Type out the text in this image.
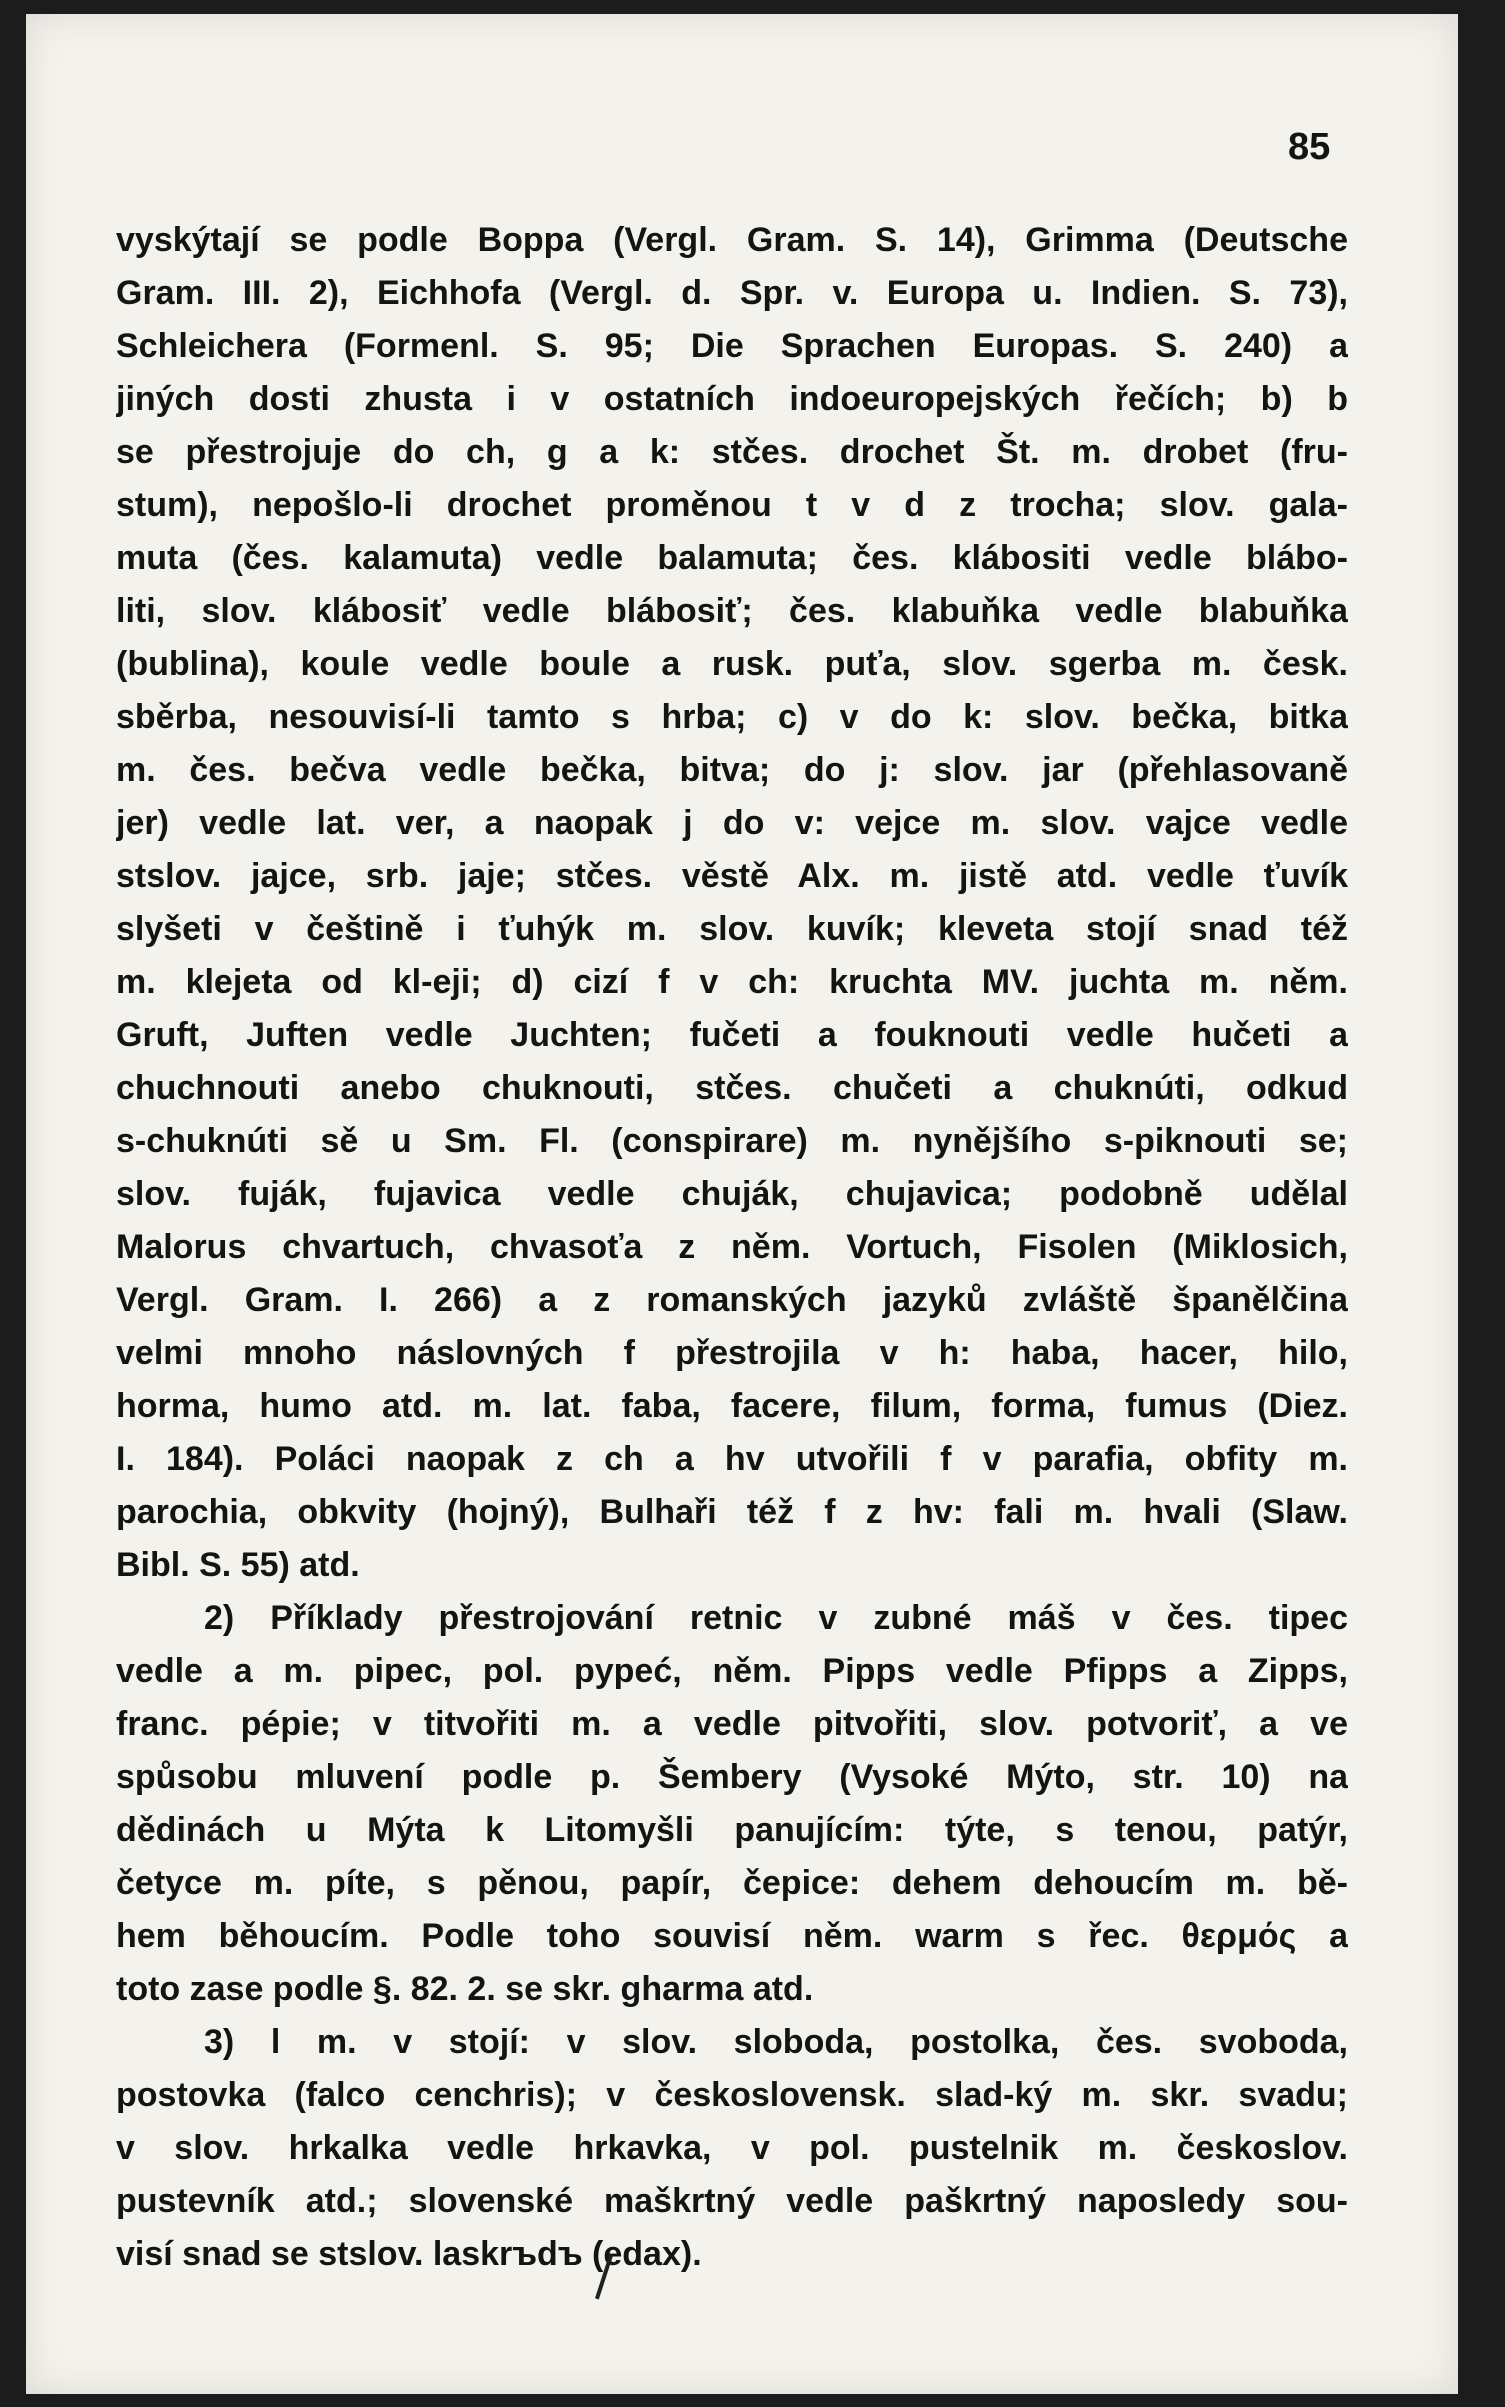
85
vyskýtají se podle Boppa (Vergl. Gram. S. 14), Grimma (Deutsche
Gram. III. 2), Eichhofa (Vergl. d. Spr. v. Europa u. Indien. S. 73),
Schleichera (Formenl. S. 95; Die Sprachen Europas. S. 240) a
jiných dosti zhusta i v ostatních indoeuropejských řečích; b) b
se přestrojuje do ch, g a k: stčes. drochet Št. m. drobet (fru-
stum), nepošlo-li drochet proměnou t v d z trocha; slov. gala-
muta (čes. kalamuta) vedle balamuta; čes. klábositi vedle blábo-
liti, slov. klábosiť vedle blábosiť; čes. klabuňka vedle blabuňka
(bublina), koule vedle boule a rusk. puťa, slov. sgerba m. česk.
sběrba, nesouvisí-li tamto s hrba; c) v do k: slov. bečka, bitka
m. čes. bečva vedle bečka, bitva; do j: slov. jar (přehlasovaně
jer) vedle lat. ver, a naopak j do v: vejce m. slov. vajce vedle
stslov. jajce, srb. jaje; stčes. věstě Alx. m. jistě atd. vedle ťuvík
slyšeti v češtině i ťuhýk m. slov. kuvík; kleveta stojí snad též
m. klejeta od kl-eji; d) cizí f v ch: kruchta MV. juchta m. něm.
Gruft, Juften vedle Juchten; fučeti a fouknouti vedle hučeti a
chuchnouti anebo chuknouti, stčes. chučeti a chuknúti, odkud
s-chuknúti sě u Sm. Fl. (conspirare) m. nynějšího s-piknouti se;
slov. fuják, fujavica vedle chuják, chujavica; podobně udělal
Malorus chvartuch, chvasoťa z něm. Vortuch, Fisolen (Miklosich,
Vergl. Gram. I. 266) a z romanských jazyků zvláště španělčina
velmi mnoho náslovných f přestrojila v h: haba, hacer, hilo,
horma, humo atd. m. lat. faba, facere, filum, forma, fumus (Diez.
I. 184). Poláci naopak z ch a hv utvořili f v parafia, obfity m.
parochia, obkvity (hojný), Bulhaři též f z hv: fali m. hvali (Slaw.
Bibl. S. 55) atd.
2) Příklady přestrojování retnic v zubné máš v čes. tipec
vedle a m. pipec, pol. pypeć, něm. Pipps vedle Pfipps a Zipps,
franc. pépie; v titvořiti m. a vedle pitvořiti, slov. potvoriť, a ve
spůsobu mluvení podle p. Šembery (Vysoké Mýto, str. 10) na
dědinách u Mýta k Litomyšli panujícím: týte, s tenou, patýr,
četyce m. píte, s pěnou, papír, čepice: dehem dehoucím m. bě-
hem běhoucím. Podle toho souvisí něm. warm s řec. θερμός a
toto zase podle §. 82. 2. se skr. gharma atd.
3) l m. v stojí: v slov. sloboda, postolka, čes. svoboda,
postovka (falco cenchris); v československ. slad-ký m. skr. svadu;
v slov. hrkalka vedle hrkavka, v pol. pustelnik m. českoslov.
pustevník atd.; slovenské maškrtný vedle paškrtný naposledy sou-
visí snad se stslov. laskrъdъ (edax).
